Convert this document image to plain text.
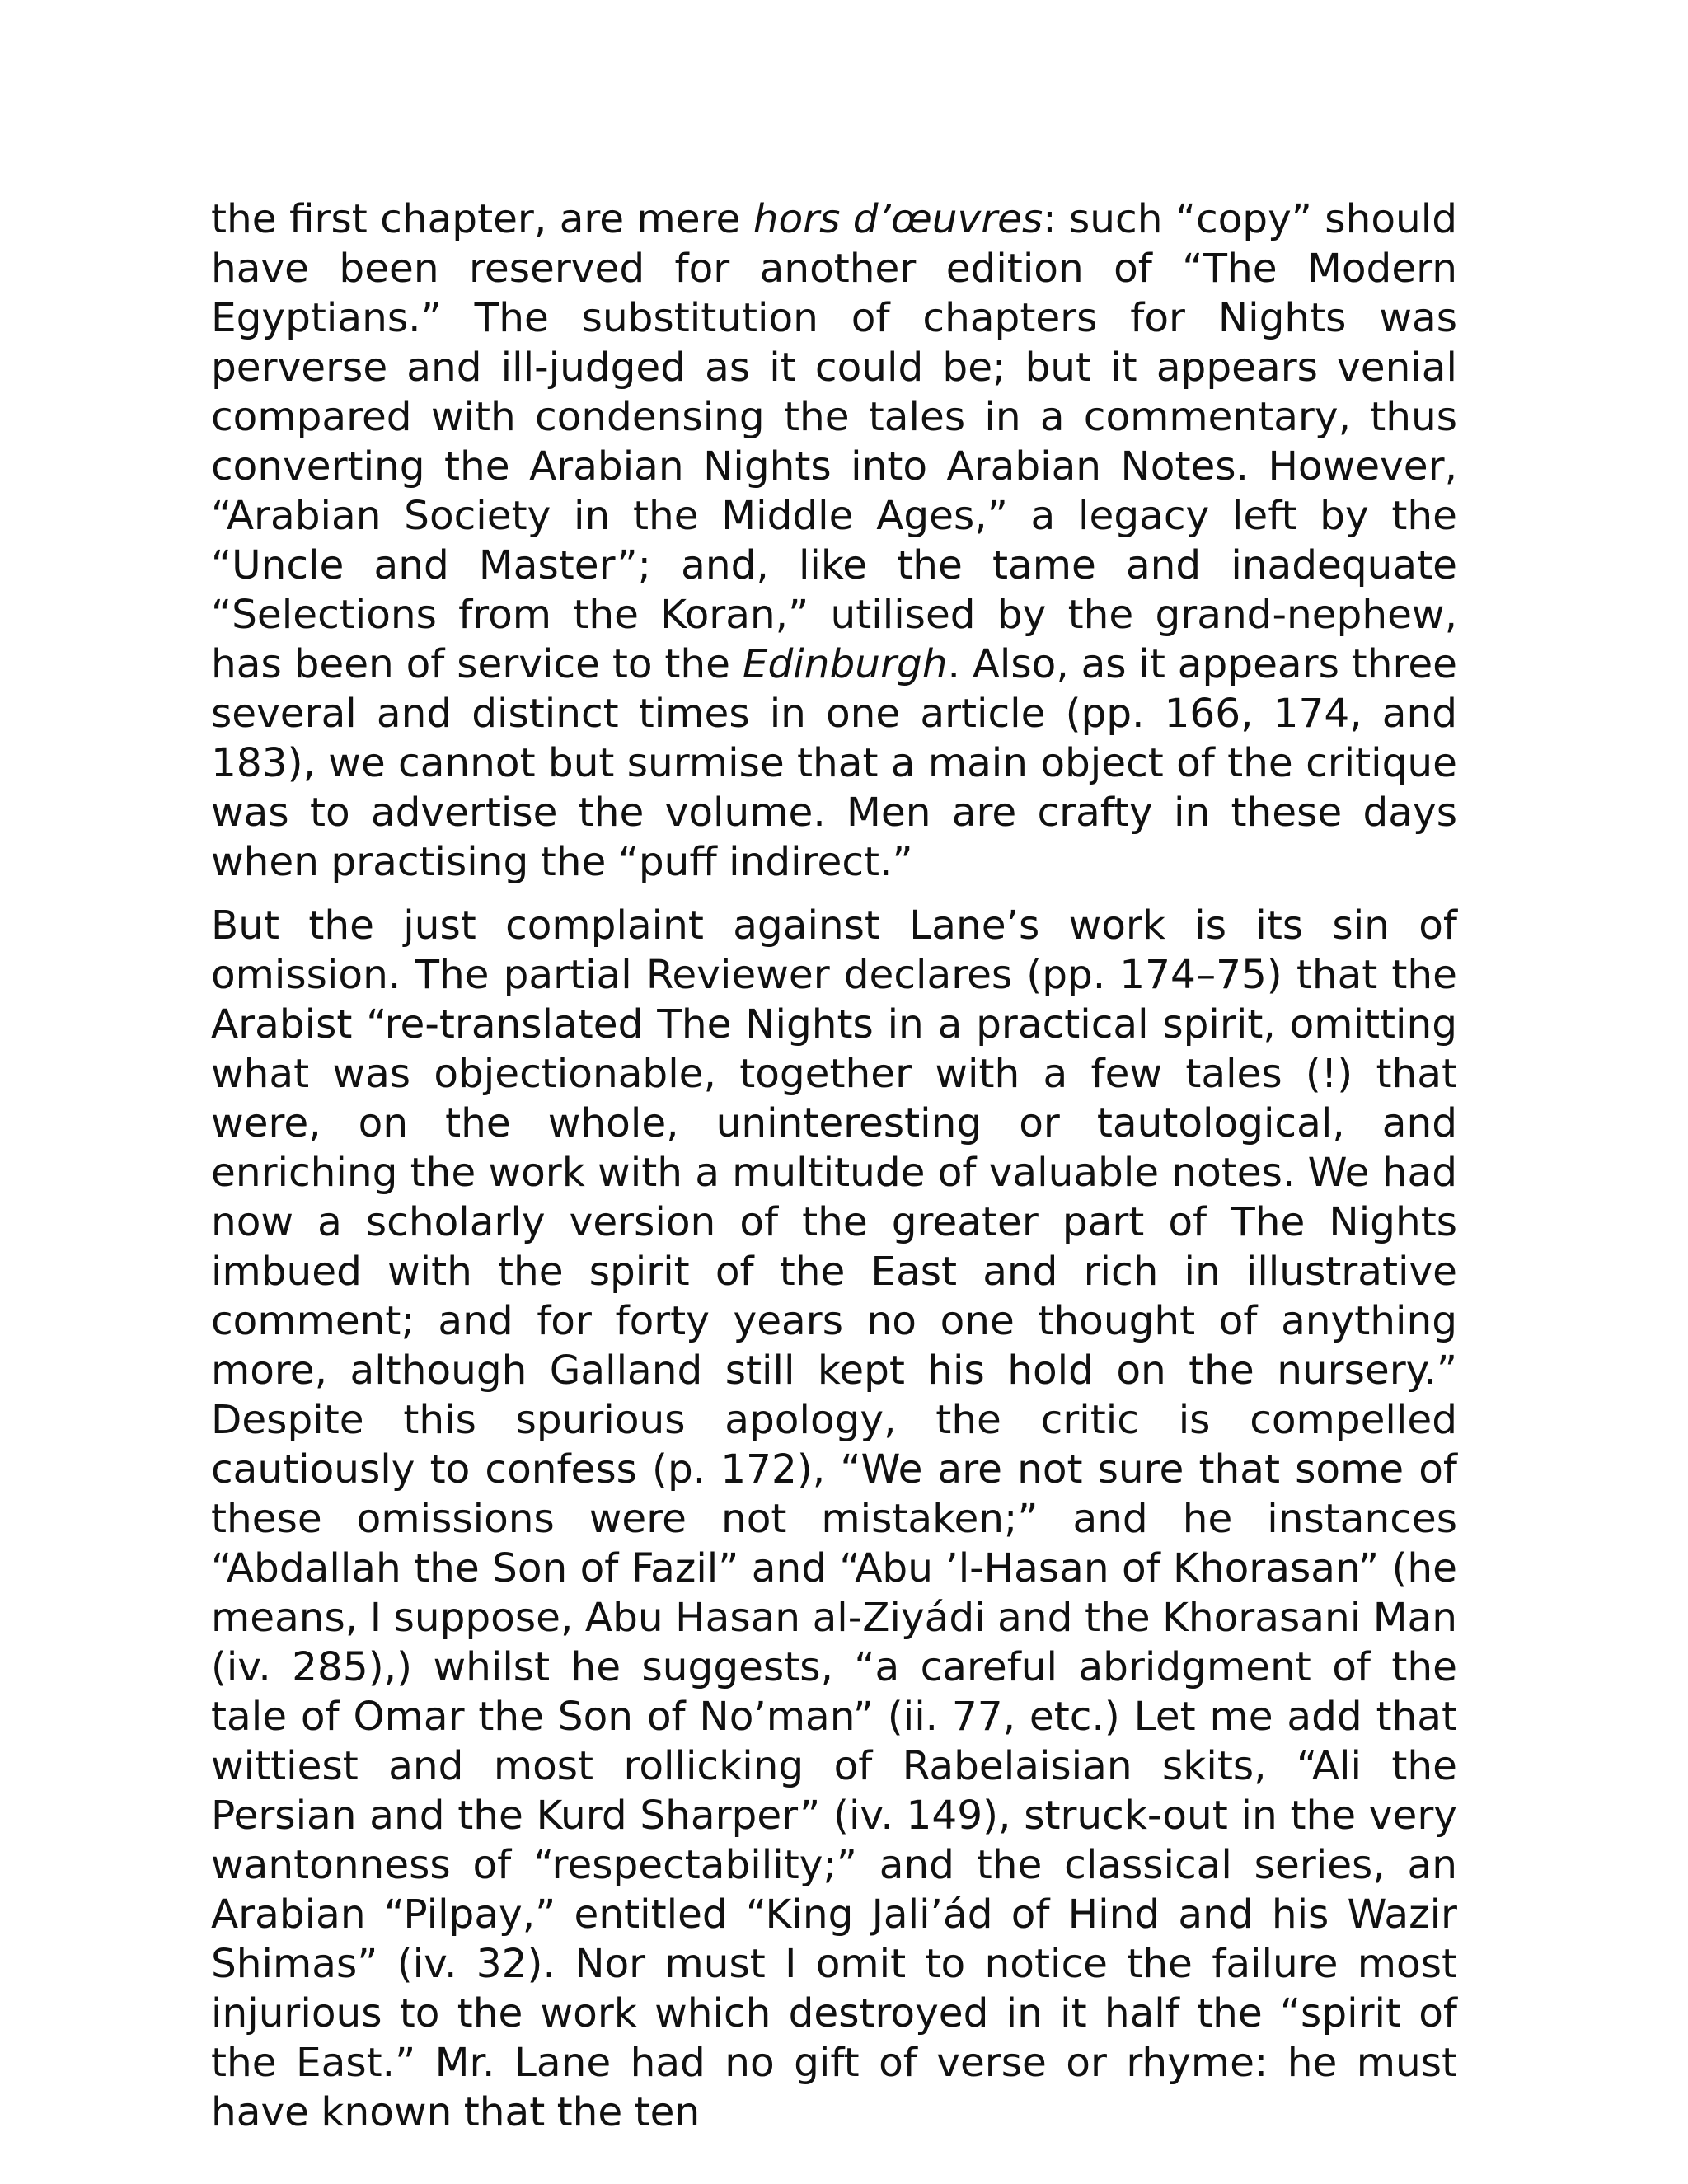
the first chapter, are mere hors d’œuvres: such “copy” should have been reserved for another edition of “The Modern Egyptians.” The substitution of chapters for Nights was perverse and ill-judged as it could be; but it appears venial compared with condensing the tales in a commentary, thus converting the Arabian Nights into Arabian Notes. However, “Arabian Society in the Middle Ages,” a legacy left by the “Uncle and Master”; and, like the tame and inadequate “Selections from the Koran,” utilised by the grand-nephew, has been of service to the Edinburgh. Also, as it appears three several and distinct times in one article (pp. 166, 174, and 183), we cannot but surmise that a main object of the critique was to advertise the volume. Men are crafty in these days when practising the “puff indirect.”

But the just complaint against Lane’s work is its sin of omission. The partial Reviewer declares (pp. 174–75) that the Arabist “re-translated The Nights in a practical spirit, omitting what was objectionable, together with a few tales (!) that were, on the whole, uninteresting or tautological, and enriching the work with a multitude of valuable notes. We had now a scholarly version of the greater part of The Nights imbued with the spirit of the East and rich in illustrative comment; and for forty years no one thought of anything more, although Galland still kept his hold on the nursery.” Despite this spurious apology, the critic is compelled cautiously to confess (p. 172), “We are not sure that some of these omissions were not mistaken;” and he instances “Abdallah the Son of Fazil” and “Abu ’l-Hasan of Khorasan” (he means, I suppose, Abu Hasan al-Ziyádi and the Khorasani Man (iv. 285),) whilst he suggests, “a careful abridgment of the tale of Omar the Son of No’man” (ii. 77, etc.) Let me add that wittiest and most rollicking of Rabelaisian skits, “Ali the Persian and the Kurd Sharper” (iv. 149), struck-out in the very wantonness of “respectability;” and the classical series, an Arabian “Pilpay,” entitled “King Jali’ád of Hind and his Wazir Shimas” (iv. 32). Nor must I omit to notice the failure most injurious to the work which destroyed in it half the “spirit of the East.” Mr. Lane had no gift of verse or rhyme: he must have known that the ten
